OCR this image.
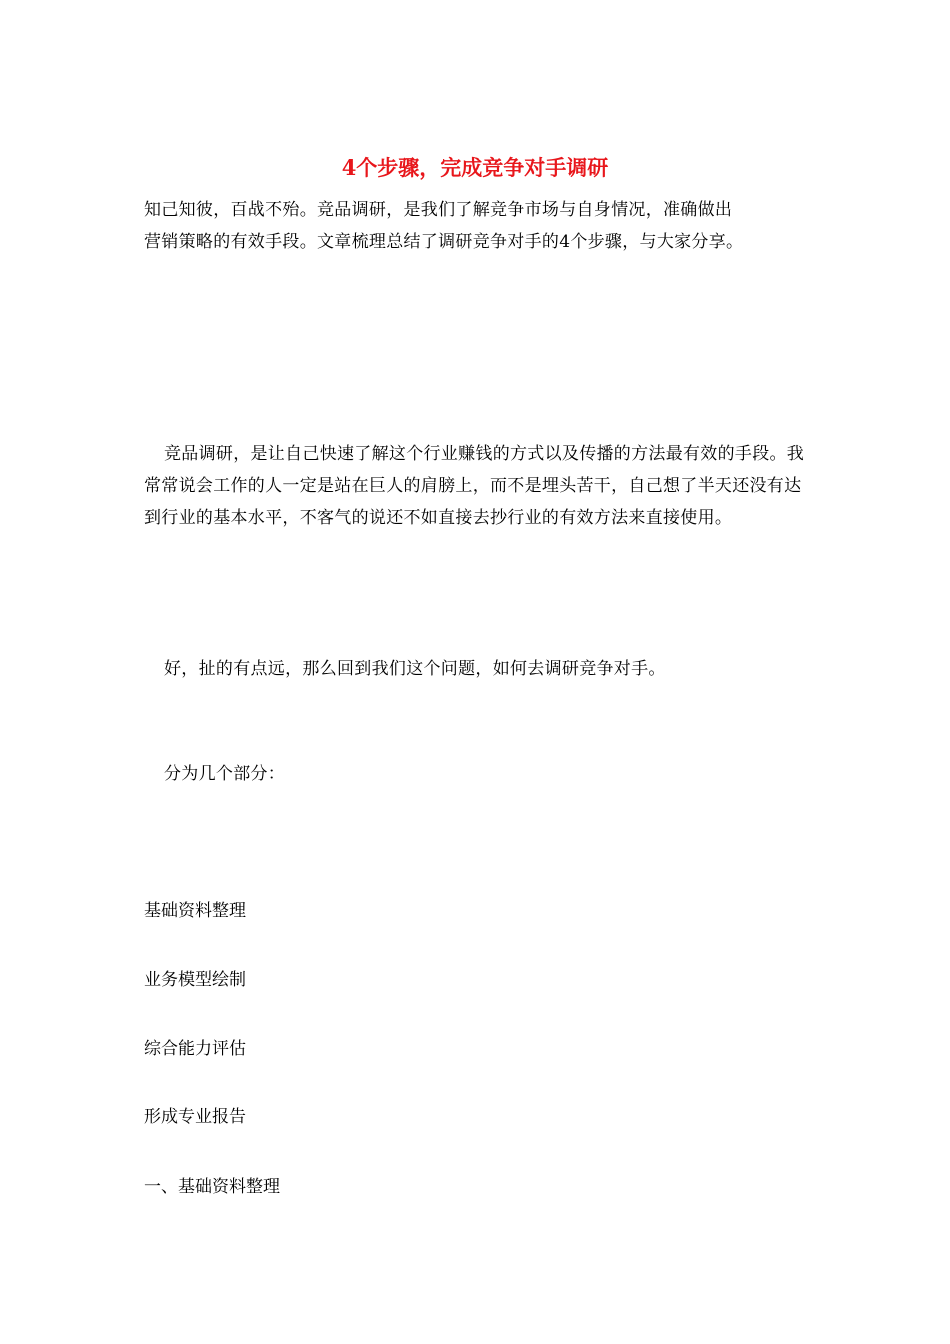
4个步骤，完成竞争对手调研
知己知彼，百战不殆。竞品调研，是我们了解竞争市场与自身情况，准确做出
营销策略的有效手段。文章梳理总结了调研竞争对手的4个步骤，与大家分享。

竞品调研，是让自己快速了解这个行业赚钱的方式以及传播的方法最有效的手段。我常常说会工作的人一定是站在巨人的肩膀上，而不是埋头苦干，自己想了半天还没有达到行业的基本水平，不客气的说还不如直接去抄行业的有效方法来直接使用。

好，扯的有点远，那么回到我们这个问题，如何去调研竞争对手。

分为几个部分：

基础资料整理

业务模型绘制

综合能力评估

形成专业报告

一、基础资料整理
